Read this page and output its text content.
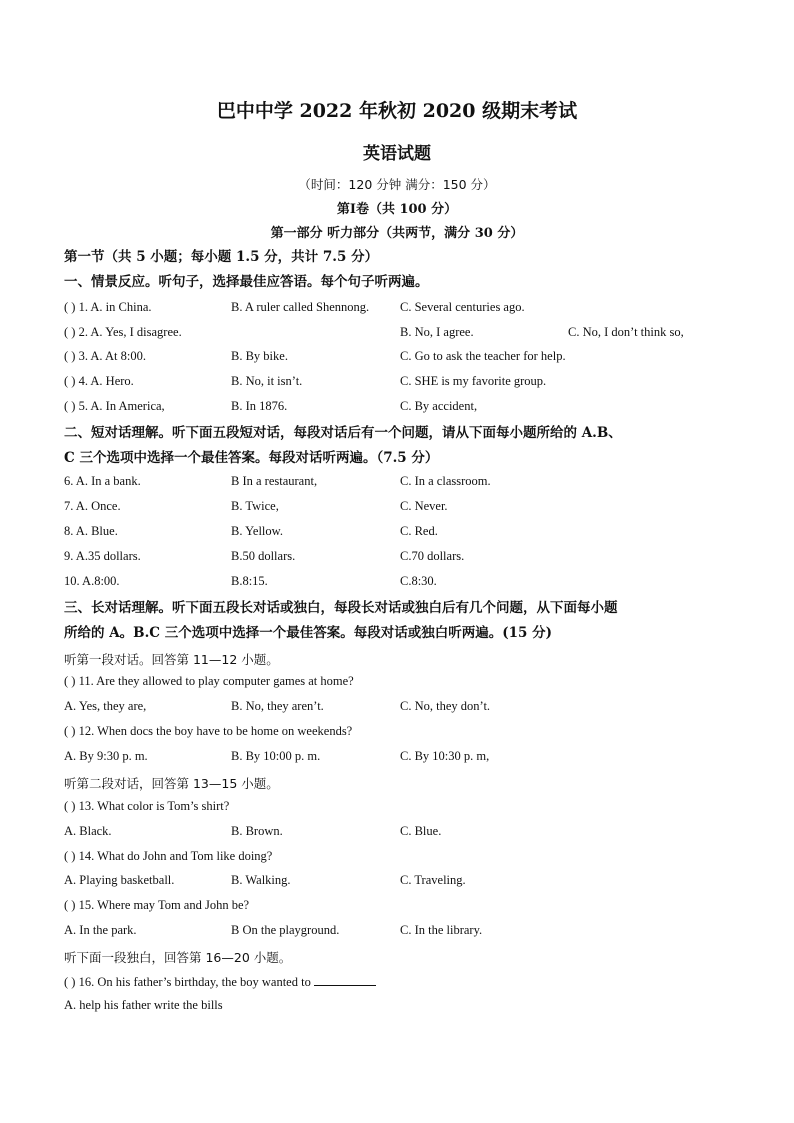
巴中中学 2022 年秋初 2020 级期末考试
英语试题
（时间：120 分钟 满分：150 分）
第Ⅰ卷（共 100 分）
第一部分 听力部分（共两节，满分 30 分）
第一节（共 5 小题；每小题 1.5 分，共计 7.5 分）
一、情景反应。听句子，选择最佳应答语。每个句子听两遍。
( ) 1. A. in China.	B. A ruler called Shennong. C. Several centuries ago.
( ) 2. A. Yes, I disagree.	B. No, I agree.	C. No, I don’t think so,
( ) 3. A. At 8:00.	B. By bike.	C. Go to ask the teacher for help.
( ) 4. A. Hero.	B. No, it isn’t.	C. SHE is my favorite group.
( ) 5. A. In America,	B. In 1876.	C. By accident,
二、短对话理解。听下面五段短对话，每段对话后有一个问题，请从下面每小题所给的 A.B、
C 三个选项中选择一个最佳答案。每段对话听两遍。（7.5 分）
6. A. In a bank.	B In a restaurant,	C. In a classroom.
7. A. Once.	B. Twice,	C. Never.
8. A. Blue.	B. Yellow.	C. Red.
9. A.35 dollars.	B.50 dollars.	C.70 dollars.
10. A.8:00.	B.8:15.	C.8:30.
三、长对话理解。听下面五段长对话或独白，每段长对话或独白后有几个问题，从下面每小题
所给的 A。B.C 三个选项中选择一个最佳答案。每段对话或独白听两遍。(15 分)
听第一段对话。回答第 11—12 小题。
( ) 11. Are they allowed to play computer games at home?
A. Yes, they are,	B. No, they aren’t.	C. No, they don’t.
( ) 12. When docs the boy have to be home on weekends?
A. By 9:30 p. m.	B. By 10:00 p. m.	C. By 10:30 p. m,
听第二段对话，回答第 13—15 小题。
( ) 13. What color is Tom’s shirt?
A. Black.	B. Brown.	C. Blue.
( ) 14. What do John and Tom like doing?
A. Playing basketball.	B. Walking.	C. Traveling.
( ) 15. Where may Tom and John be?
A. In the park.	B On the playground.	C. In the library.
听下面一段独白，回答第 16—20 小题。
( ) 16. On his father’s birthday, the boy wanted to
A. help his father write the bills
